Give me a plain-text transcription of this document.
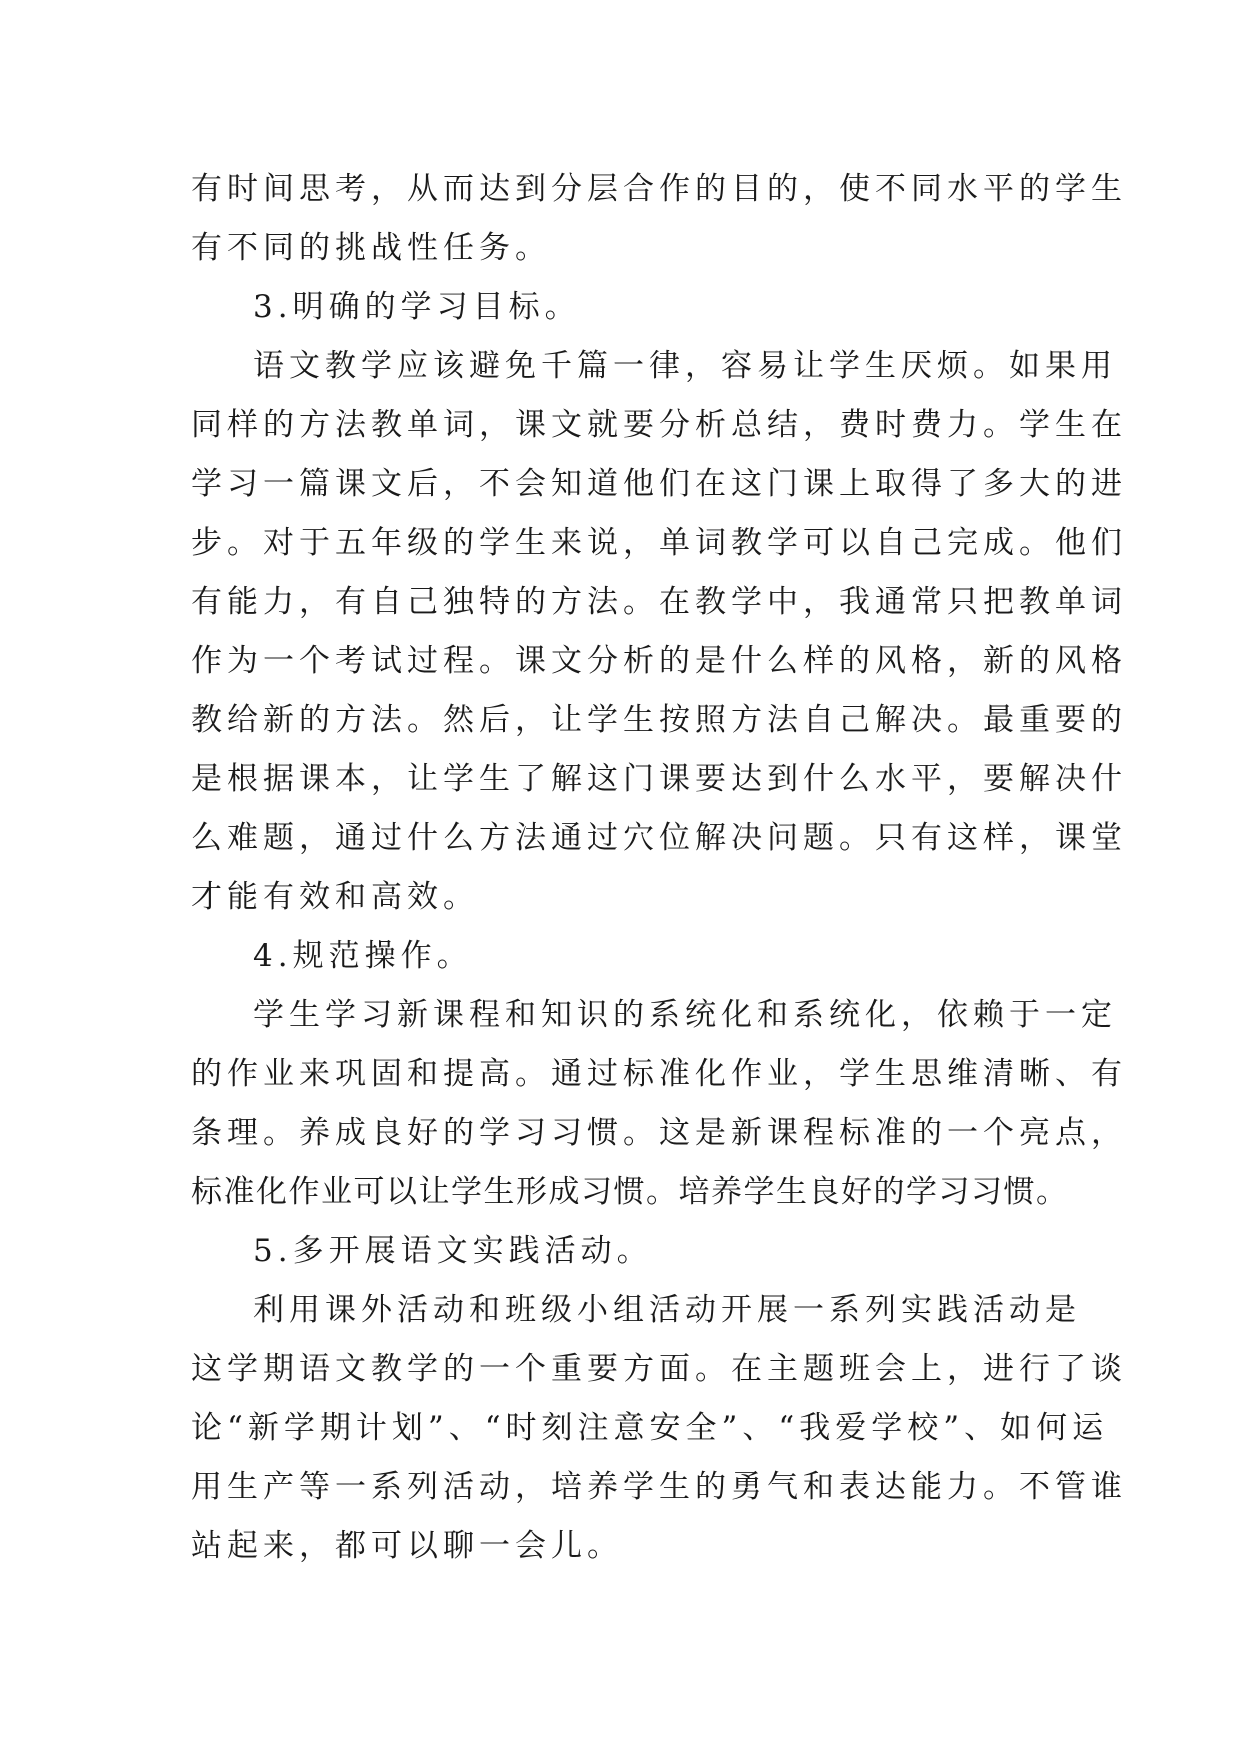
有时间思考，从而达到分层合作的目的，使不同水平的学生
有不同的挑战性任务。
3.明确的学习目标。
语文教学应该避免千篇一律，容易让学生厌烦。如果用
同样的方法教单词，课文就要分析总结，费时费力。学生在
学习一篇课文后，不会知道他们在这门课上取得了多大的进
步。对于五年级的学生来说，单词教学可以自己完成。他们
有能力，有自己独特的方法。在教学中，我通常只把教单词
作为一个考试过程。课文分析的是什么样的风格，新的风格
教给新的方法。然后，让学生按照方法自己解决。最重要的
是根据课本，让学生了解这门课要达到什么水平，要解决什
么难题，通过什么方法通过穴位解决问题。只有这样，课堂
才能有效和高效。
4.规范操作。
学生学习新课程和知识的系统化和系统化，依赖于一定
的作业来巩固和提高。通过标准化作业，学生思维清晰、有
条理。养成良好的学习习惯。这是新课程标准的一个亮点，
标准化作业可以让学生形成习惯。培养学生良好的学习习惯。
5.多开展语文实践活动。
利用课外活动和班级小组活动开展一系列实践活动是
这学期语文教学的一个重要方面。在主题班会上，进行了谈
论“新学期计划”、“时刻注意安全”、“我爱学校”、如何运
用生产等一系列活动，培养学生的勇气和表达能力。不管谁
站起来，都可以聊一会儿。
